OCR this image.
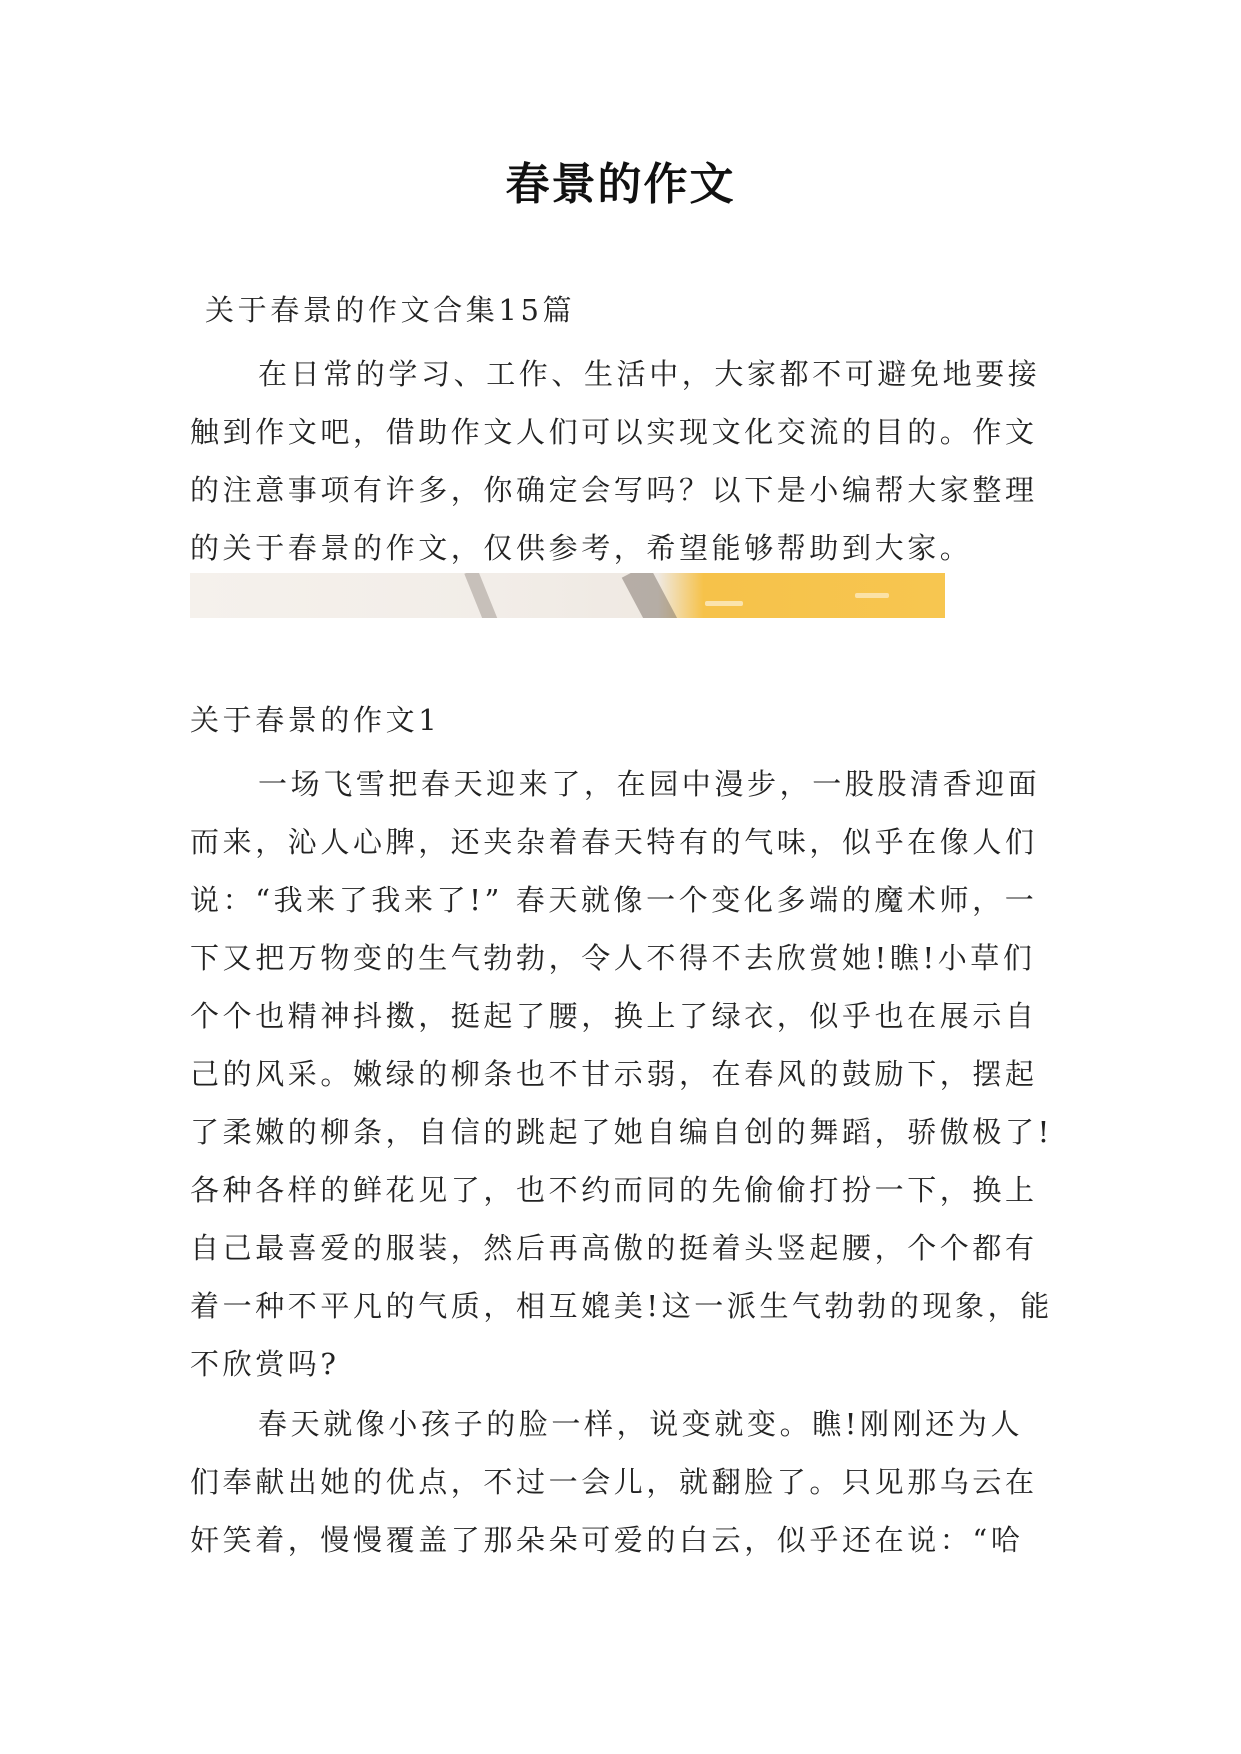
春景的作文

关于春景的作文合集15篇

在日常的学习、工作、生活中，大家都不可避免地要接触到作文吧，借助作文人们可以实现文化交流的目的。作文的注意事项有许多，你确定会写吗？以下是小编帮大家整理的关于春景的作文，仅供参考，希望能够帮助到大家。

关于春景的作文1

一场飞雪把春天迎来了，在园中漫步，一股股清香迎面而来，沁人心脾，还夹杂着春天特有的气味，似乎在像人们说：“我来了我来了!” 春天就像一个变化多端的魔术师，一下又把万物变的生气勃勃，令人不得不去欣赏她!瞧!小草们个个也精神抖擞，挺起了腰，换上了绿衣，似乎也在展示自己的风采。嫩绿的柳条也不甘示弱，在春风的鼓励下，摆起了柔嫩的柳条，自信的跳起了她自编自创的舞蹈，骄傲极了!各种各样的鲜花见了，也不约而同的先偷偷打扮一下，换上自己最喜爱的服装，然后再高傲的挺着头竖起腰，个个都有着一种不平凡的气质，相互媲美!这一派生气勃勃的现象，能不欣赏吗?

春天就像小孩子的脸一样，说变就变。瞧!刚刚还为人们奉献出她的优点，不过一会儿，就翻脸了。只见那乌云在奸笑着，慢慢覆盖了那朵朵可爱的白云，似乎还在说：“哈
